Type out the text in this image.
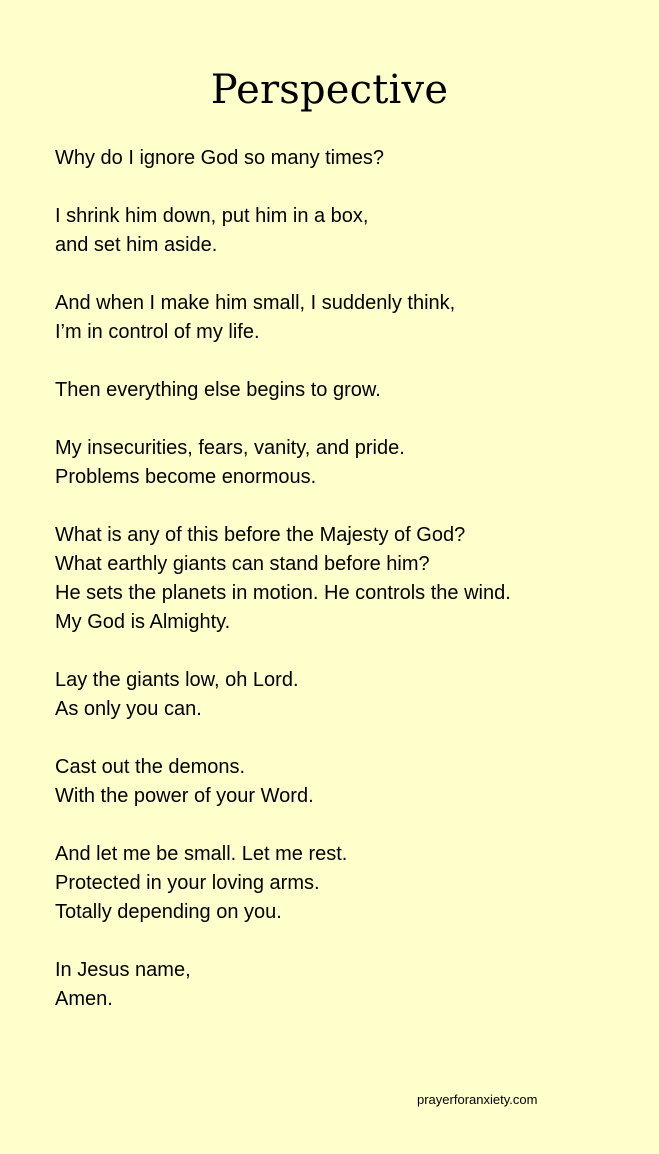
Perspective
Why do I ignore God so many times?
I shrink him down, put him in a box,
and set him aside.
And when I make him small, I suddenly think,
I’m in control of my life.
Then everything else begins to grow.
My insecurities, fears, vanity, and pride.
Problems become enormous.
What is any of this before the Majesty of God?
What earthly giants can stand before him?
He sets the planets in motion. He controls the wind.
My God is Almighty.
Lay the giants low, oh Lord.
As only you can.
Cast out the demons.
With the power of your Word.
And let me be small. Let me rest.
Protected in your loving arms.
Totally depending on you.
In Jesus name,
Amen.
prayerforanxiety.com
